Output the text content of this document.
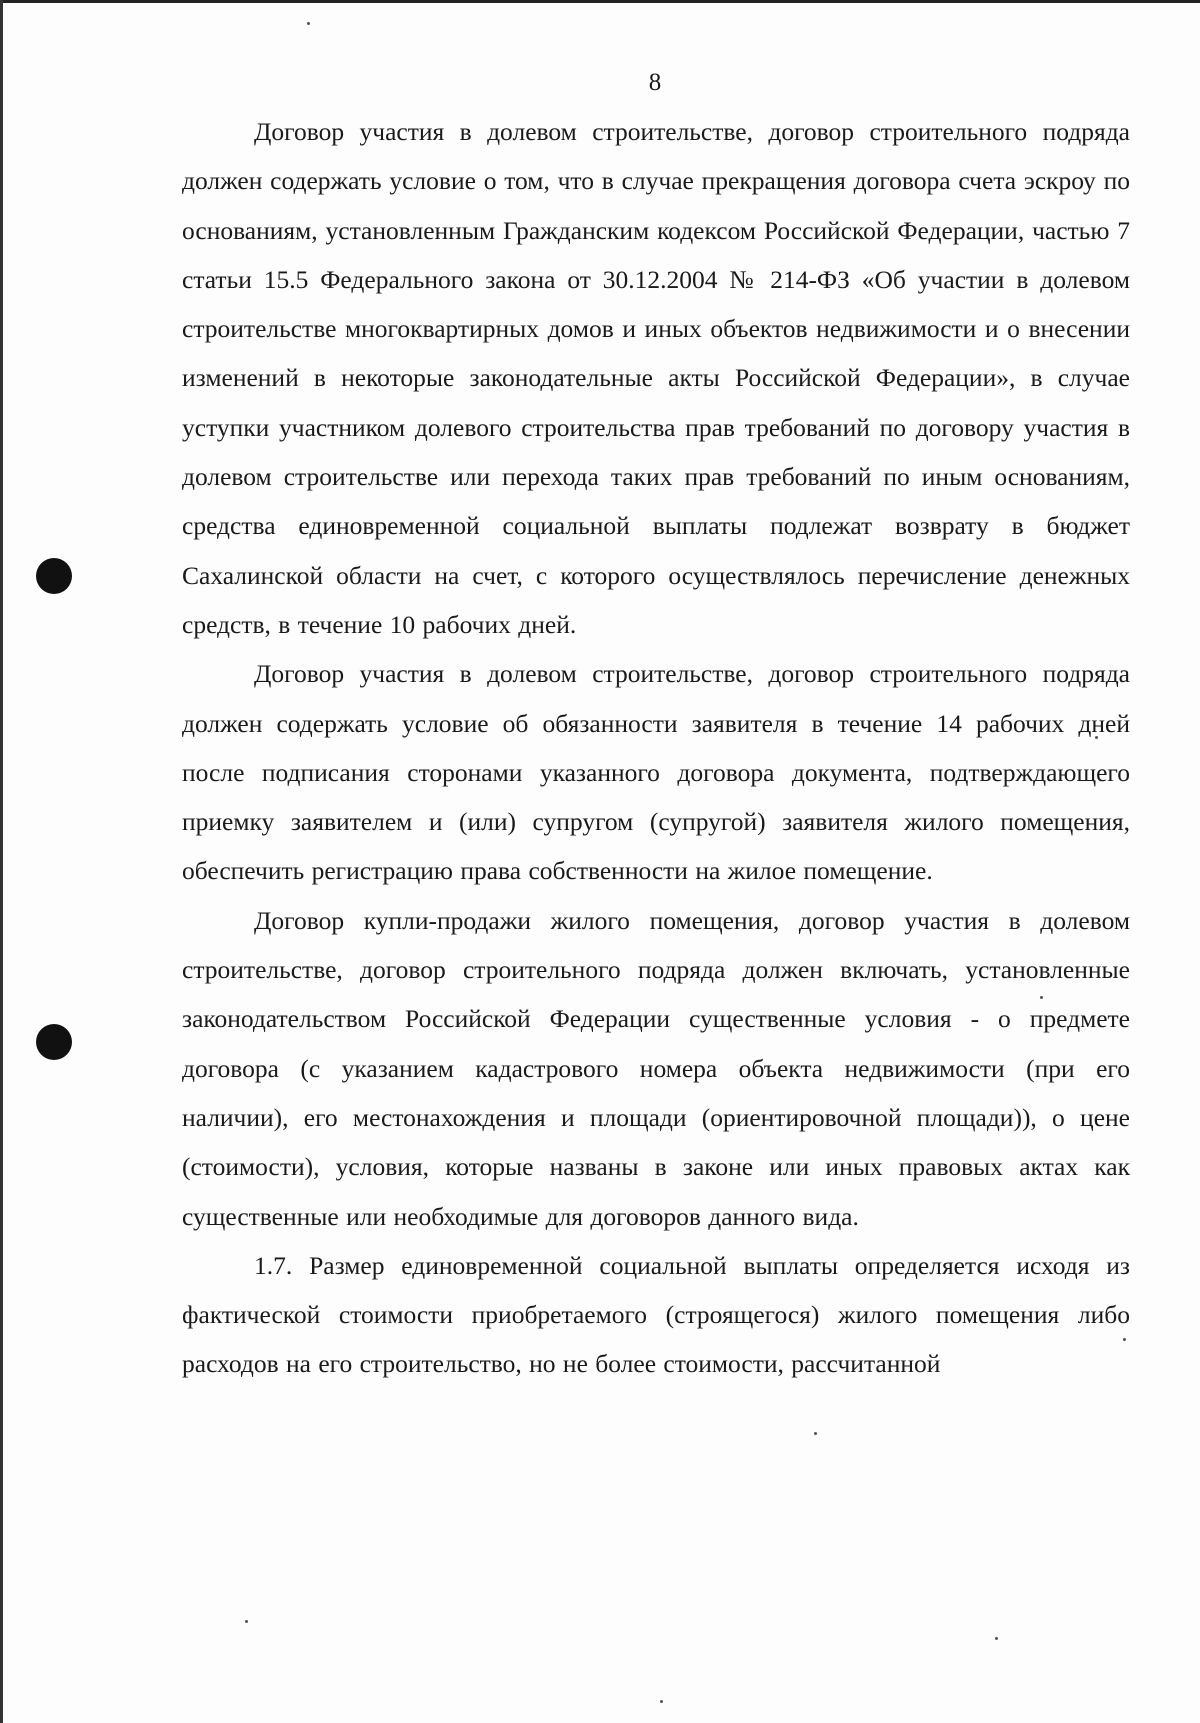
8

Договор участия в долевом строительстве, договор строительного подряда должен содержать условие о том, что в случае прекращения договора счета эскроу по основаниям, установленным Гражданским кодексом Российской Федерации, частью 7 статьи 15.5 Федерального закона от 30.12.2004 № 214-ФЗ «Об участии в долевом строительстве многоквартирных домов и иных объектов недвижимости и о внесении изменений в некоторые законодательные акты Российской Федерации», в случае уступки участником долевого строительства прав требований по договору участия в долевом строительстве или перехода таких прав требований по иным основаниям, средства единовременной социальной выплаты подлежат возврату в бюджет Сахалинской области на счет, с которого осуществлялось перечисление денежных средств, в течение 10 рабочих дней.

Договор участия в долевом строительстве, договор строительного подряда должен содержать условие об обязанности заявителя в течение 14 рабочих дней после подписания сторонами указанного договора документа, подтверждающего приемку заявителем и (или) супругом (супругой) заявителя жилого помещения, обеспечить регистрацию права собственности на жилое помещение.

Договор купли-продажи жилого помещения, договор участия в долевом строительстве, договор строительного подряда должен включать, установленные законодательством Российской Федерации существенные условия - о предмете договора (с указанием кадастрового номера объекта недвижимости (при его наличии), его местонахождения и площади (ориентировочной площади)), о цене (стоимости), условия, которые названы в законе или иных правовых актах как существенные или необходимые для договоров данного вида.

1.7. Размер единовременной социальной выплаты определяется исходя из фактической стоимости приобретаемого (строящегося) жилого помещения либо расходов на его строительство, но не более стоимости, рассчитанной
